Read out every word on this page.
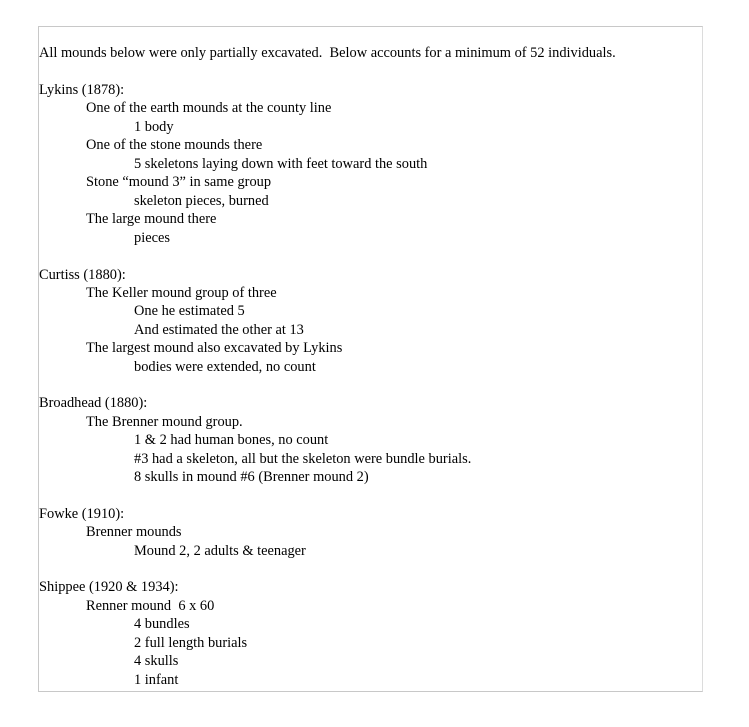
All mounds below were only partially excavated.  Below accounts for a minimum of 52 individuals.
Lykins (1878):
One of the earth mounds at the county line
1 body
One of the stone mounds there
5 skeletons laying down with feet toward the south
Stone “mound 3” in same group
skeleton pieces, burned
The large mound there
pieces
Curtiss (1880):
The Keller mound group of three
One he estimated 5
And estimated the other at 13
The largest mound also excavated by Lykins
bodies were extended, no count
Broadhead (1880):
The Brenner mound group.
1 & 2 had human bones, no count
#3 had a skeleton, all but the skeleton were bundle burials.
8 skulls in mound #6 (Brenner mound 2)
Fowke (1910):
Brenner mounds
Mound 2, 2 adults & teenager
Shippee (1920 & 1934):
Renner mound  6 x 60
4 bundles
2 full length burials
4 skulls
1 infant
